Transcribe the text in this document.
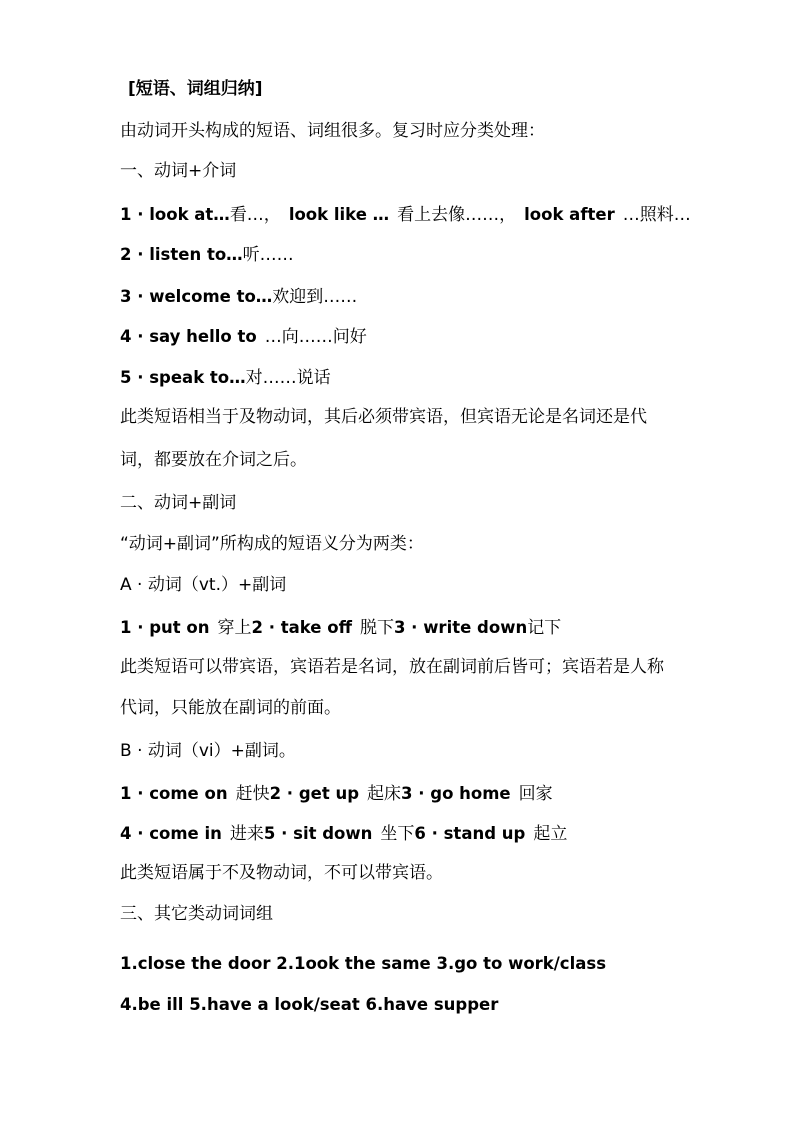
[短语、词组归纳]
由动词开头构成的短语、词组很多。复习时应分类处理：
一、动词+介词
1 · look at…看…， look like … 看上去像……， look after …照料…
2 · listen to…听……
3 · welcome to…欢迎到……
4 · say hello to …向……问好
5 · speak to…对……说话
此类短语相当于及物动词，其后必须带宾语，但宾语无论是名词还是代
词，都要放在介词之后。
二、动词+副词
“动词+副词”所构成的短语义分为两类：
A · 动词（vt.）+副词
1 · put on 穿上2 · take off 脱下3 · write down记下
此类短语可以带宾语，宾语若是名词，放在副词前后皆可；宾语若是人称
代词，只能放在副词的前面。
B · 动词（vi）+副词。
1 · come on 赶快2 · get up 起床3 · go home 回家
4 · come in 进来5 · sit down 坐下6 · stand up 起立
此类短语属于不及物动词，不可以带宾语。
三、其它类动词词组
1.close the door 2.1ook the same 3.go to work/class
4.be ill 5.have a look/seat 6.have supper
